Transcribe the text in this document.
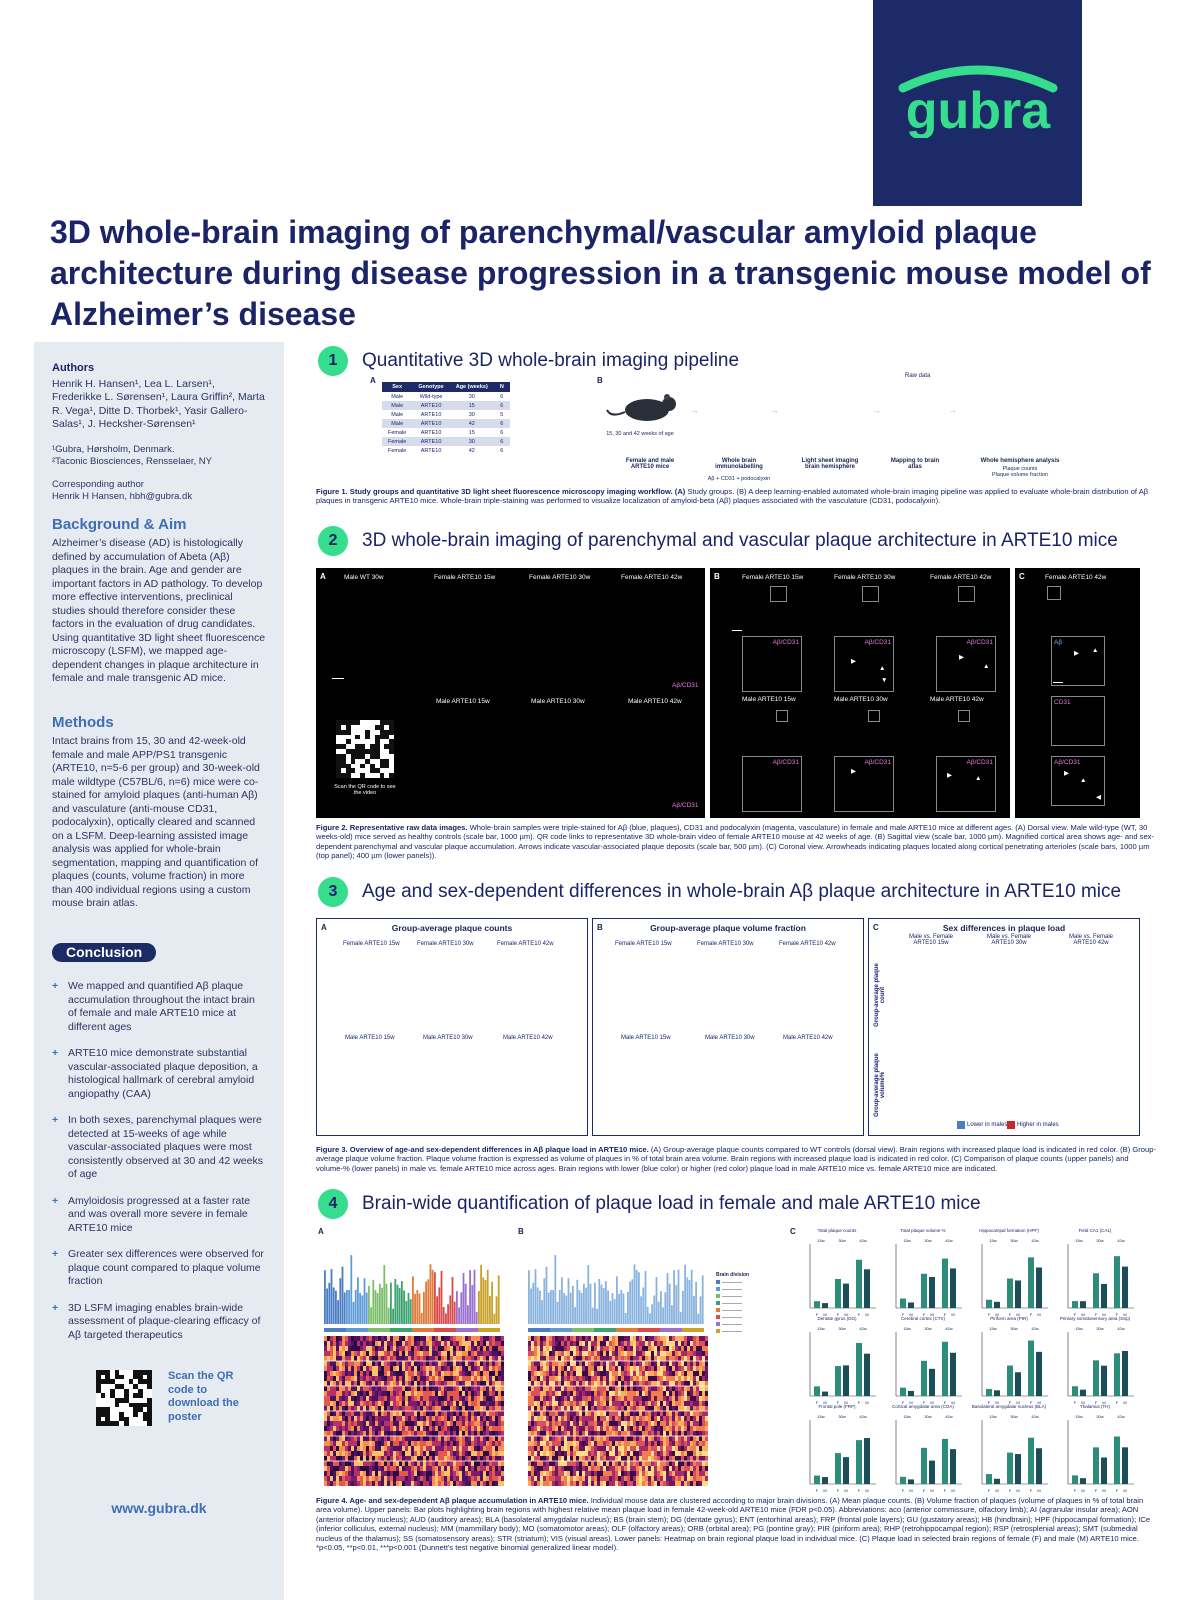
gubra
3D whole-brain imaging of parenchymal/vascular amyloid plaque architecture during disease progression in a transgenic mouse model of Alzheimer’s disease
Authors
Henrik H. Hansen¹, Lea L. Larsen¹, Frederikke L. Sørensen¹, Laura Griffin², Marta R. Vega¹, Ditte D. Thorbek¹, Yasir Gallero-Salas¹, J. Hecksher-Sørensen¹
¹Gubra, Hørsholm, Denmark.
²Taconic Biosciences, Rensselaer, NY
Corresponding author
Henrik H Hansen, hbh@gubra.dk
Background & Aim
Alzheimer’s disease (AD) is histologically defined by accumulation of Abeta (Aβ) plaques in the brain. Age and gender are important factors in AD pathology. To develop more effective interventions, preclinical studies should therefore consider these factors in the evaluation of drug candidates. Using quantitative 3D light sheet fluorescence microscopy (LSFM), we mapped age-dependent changes in plaque architecture in female and male transgenic AD mice.
Methods
Intact brains from 15, 30 and 42-week-old female and male APP/PS1 transgenic (ARTE10, n=5-6 per group) and 30-week-old male wildtype (C57BL/6, n=6) mice were co-stained for amyloid plaques (anti-human Aβ) and vasculature (anti-mouse CD31, podocalyxin), optically cleared and scanned on a LSFM. Deep-learning assisted image analysis was applied for whole-brain segmentation, mapping and quantification of plaques (counts, volume fraction) in more than 400 individual regions using a custom mouse brain atlas.
Conclusion
+ We mapped and quantified Aβ plaque accumulation throughout the intact brain of female and male ARTE10 mice at different ages
+ ARTE10 mice demonstrate substantial vascular-associated plaque deposition, a histological hallmark of cerebral amyloid angiopathy (CAA)
+ In both sexes, parenchymal plaques were detected at 15-weeks of age while vascular-associated plaques were most consistently observed at 30 and 42 weeks of age
+ Amyloidosis progressed at a faster rate and was overall more severe in female ARTE10 mice
+ Greater sex differences were observed for plaque count compared to plaque volume fraction
+ 3D LSFM imaging enables brain-wide assessment of plaque-clearing efficacy of Aβ targeted therapeutics
Scan the QR code to download the poster
www.gubra.dk
1	Quantitative 3D whole-brain imaging pipeline
2	3D whole-brain imaging of parenchymal and vascular plaque architecture in ARTE10 mice
3	Age and sex-dependent differences in whole-brain Aβ plaque architecture in ARTE10 mice
4	Brain-wide quantification of plaque load in female and male ARTE10 mice
A
Sex	Genotype	Age (weeks)	N
Male	Wild-type	30	6
Male	ARTE10	15	6
Male	ARTE10	30	5
Male	ARTE10	42	6
Female	ARTE10	15	6
Female	ARTE10	30	6
Female	ARTE10	42	6
B
15, 30 and 42 weeks of age
Raw data
→	→	→	→
Female and male ARTE10 mice
Whole brain immunolabelling
Aβ + CD31 + podocalyxin
Light sheet imaging brain hemisphere
Mapping to brain atlas
Whole hemisphere analysis
Plaque counts
Plaque volume fraction
Figure 1. Study groups and quantitative 3D light sheet fluorescence microscopy imaging workflow. (A) Study groups. (B) A deep learning-enabled automated whole-brain imaging pipeline was applied to evaluate whole-brain distribution of Aβ plaques in transgenic ARTE10 mice. Whole-brain triple-staining was performed to visualize localization of amyloid-beta (Aβ) plaques associated with the vasculature (CD31, podocalyxin).
A	Male WT 30w	Female ARTE10 15w	Female ARTE10 30w	Female ARTE10 42w
Male ARTE10 15w	Male ARTE10 30w	Male ARTE10 42w
Aβ/CD31
Aβ/CD31
Scan the QR code to see the video
B	Female ARTE10 15w	Female ARTE10 30w	Female ARTE10 42w
Male ARTE10 15w	Male ARTE10 30w	Male ARTE10 42w
Aβ/CD31	Aβ/CD31
▶
▲
▼
Aβ/CD31
▶
▲
Aβ/CD31	Aβ/CD31
▶
Aβ/CD31
▶	▲
C	Female ARTE10 42w
Aβ
▶ ▲
CD31
Aβ/CD31
▶
▲
◀
Figure 2. Representative raw data images. Whole-brain samples were triple-stained for Aβ (blue, plaques), CD31 and podocalyxin (magenta, vasculature) in female and male ARTE10 mice at different ages. (A) Dorsal view. Male wild-type (WT, 30 weeks-old) mice served as healthy controls (scale bar, 1000 µm). QR code links to representative 3D whole-brain video of female ARTE10 mouse at 42 weeks of age. (B) Sagittal view (scale bar, 1000 µm). Magnified cortical area shows age- and sex-dependent parenchymal and vascular plaque accumulation. Arrows indicate vascular-associated plaque deposits (scale bar, 500 µm). (C) Coronal view. Arrowheads indicating plaques located along cortical penetrating arterioles (scale bars, 1000 µm (top panel); 400 µm (lower panels)).
A	Group-average plaque counts
Female ARTE10 15w	Female ARTE10 30w	Female ARTE10 42w
Male ARTE10 15w	Male ARTE10 30w	Male ARTE10 42w
B	Group-average plaque volume fraction
Female ARTE10 15w	Female ARTE10 30w	Female ARTE10 42w
Male ARTE10 15w	Male ARTE10 30w	Male ARTE10 42w
C	Sex differences in plaque load
Male vs. Female ARTE10 15w
Male vs. Female ARTE10 30w
Male vs. Female ARTE10 42w
Group-average plaque count
Group-average plaque volume%
Lower in males Higher in males
Figure 3. Overview of age-and sex-dependent differences in Aβ plaque load in ARTE10 mice. (A) Group-average plaque counts compared to WT controls (dorsal view). Brain regions with increased plaque load is indicated in red color. (B) Group-average plaque volume fraction. Plaque volume fraction is expressed as volume of plaques in % of total brain area volume. Brain regions with increased plaque load is indicated in red color. (C) Comparison of plaque counts (upper panels) and volume-% (lower panels) in male vs. female ARTE10 mice across ages. Brain regions with lower (blue color) or higher (red color) plaque load in male ARTE10 mice vs. female ARTE10 mice are indicated.
A	B	C
Brain division
Total plaque counts
F M	F M	F M
15w	30w	42w
Total plaque volume %
F M	F M	F M
15w	30w	42w
Hippocampal formation (HPF)
F M	F M	F M
15w	30w	42w
Field CA1 (CA1)
F M	F M	F M
15w	30w	42w
Dentate gyrus (DG)
F M	F M	F M
15w	30w	42w
Cerebral cortex (CTX)
F M	F M	F M
15w	30w	42w
Piriform area (PIR)
F M	F M	F M
15w	30w	42w
Primary somatosensory area (SSp)
F M	F M	F M
15w	30w	42w
Frontal pole (FRP)
F M	F M	F M
15w	30w	42w
Cortical amygdalar area (COA)
F M	F M	F M
15w	30w	42w
Basolateral amygdalar nucleus (BLA)
F M	F M	F M
15w	30w	42w
Thalamus (TH)
F M	F M	F M
15w	30w	42w
Figure 4. Age- and sex-dependent Aβ plaque accumulation in ARTE10 mice. Individual mouse data are clustered according to major brain divisions. (A) Mean plaque counts. (B) Volume fraction of plaques (volume of plaques in % of total brain area volume). Upper panels: Bar plots highlighting brain regions with highest relative mean plaque load in female 42-week-old ARTE10 mice (FDR p<0.05). Abbreviations: aco (anterior commissure, olfactory limb); AI (agranular insular area); AON (anterior olfactory nucleus); AUD (auditory areas); BLA (basolateral amygdalar nucleus); BS (brain stem); DG (dentate gyrus); ENT (entorhinal areas); FRP (frontal pole layers); GU (gustatory areas); HB (hindbrain); HPF (hippocampal formation); ICe (inferior colliculus, external nucleus); MM (mammillary body); MO (somatomotor areas); OLF (olfactory areas); ORB (orbital area); PG (pontine gray); PIR (piriform area); RHP (retrohippocampal region); RSP (retrosplenial areas); SMT (submedial nucleus of the thalamus); SS (somatosensory areas); STR (striatum); VIS (visual areas). Lower panels: Heatmap on brain regional plaque load in individual mice. (C) Plaque load in selected brain regions of female (F) and male (M) ARTE10 mice. *p<0.05, **p<0.01, ***p<0.001 (Dunnett's test negative binomial generalized linear model).
